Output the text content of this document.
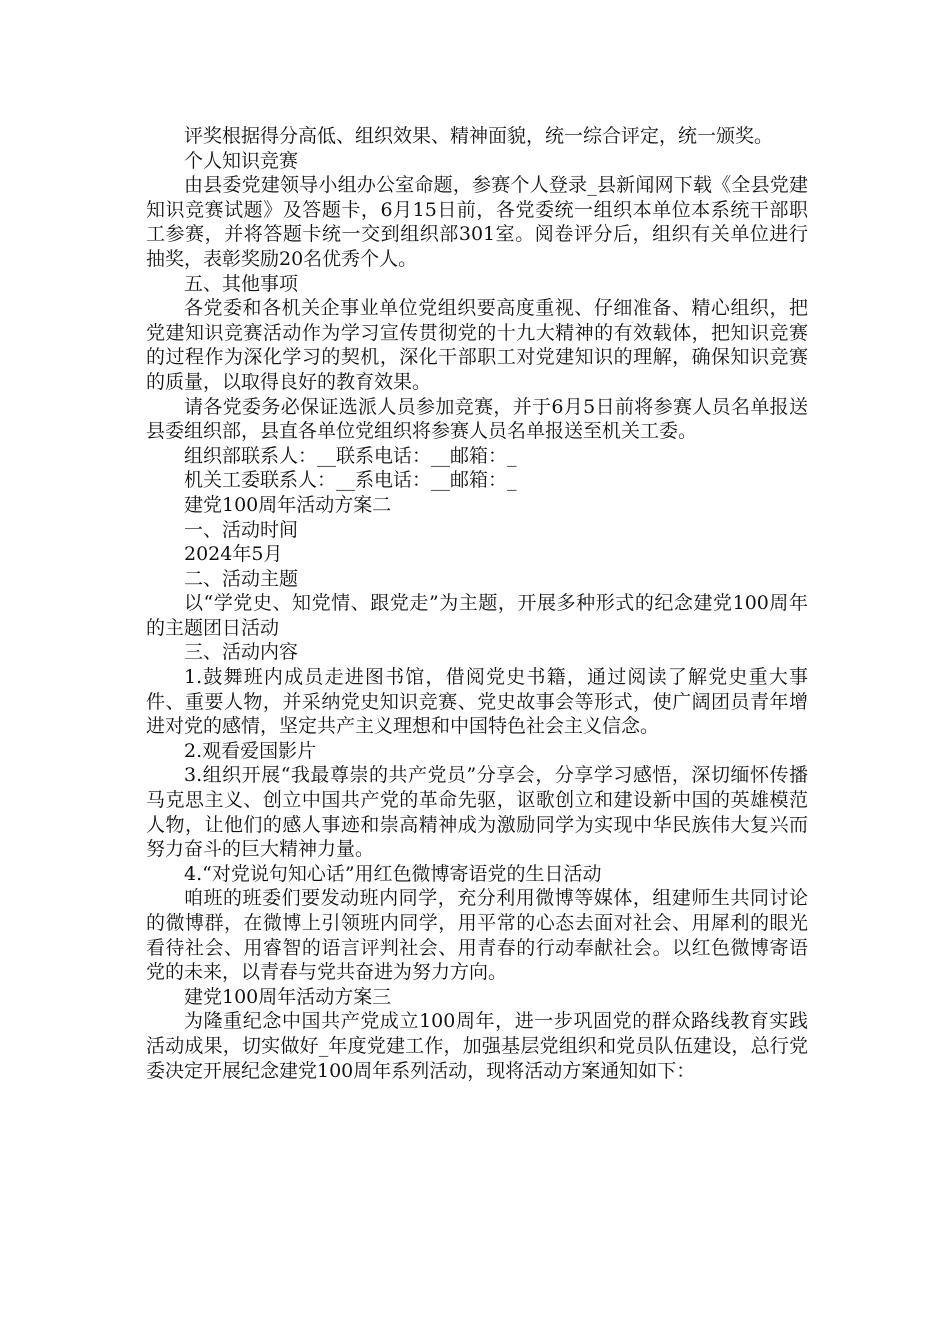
评奖根据得分高低、组织效果、精神面貌，统一综合评定，统一颁奖。

个人知识竞赛

由县委党建领导小组办公室命题，参赛个人登录_县新闻网下载《全县党建知识竞赛试题》及答题卡，6月15日前，各党委统一组织本单位本系统干部职工参赛，并将答题卡统一交到组织部301室。阅卷评分后，组织有关单位进行抽奖，表彰奖励20名优秀个人。

五、其他事项

各党委和各机关企事业单位党组织要高度重视、仔细准备、精心组织，把党建知识竞赛活动作为学习宣传贯彻党的十九大精神的有效载体，把知识竞赛的过程作为深化学习的契机，深化干部职工对党建知识的理解，确保知识竞赛的质量，以取得良好的教育效果。

请各党委务必保证选派人员参加竞赛，并于6月5日前将参赛人员名单报送县委组织部，县直各单位党组织将参赛人员名单报送至机关工委。

组织部联系人：__联系电话：__邮箱：_

机关工委联系人：__系电话：__邮箱：_

建党100周年活动方案二

一、活动时间

2024年5月

二、活动主题

以“学党史、知党情、跟党走”为主题，开展多种形式的纪念建党100周年的主题团日活动

三、活动内容

1.鼓舞班内成员走进图书馆，借阅党史书籍，通过阅读了解党史重大事件、重要人物，并采纳党史知识竞赛、党史故事会等形式，使广阔团员青年增进对党的感情，坚定共产主义理想和中国特色社会主义信念。

2.观看爱国影片

3.组织开展“我最尊崇的共产党员”分享会，分享学习感悟，深切缅怀传播马克思主义、创立中国共产党的革命先驱，讴歌创立和建设新中国的英雄模范人物，让他们的感人事迹和崇高精神成为激励同学为实现中华民族伟大复兴而努力奋斗的巨大精神力量。

4.“对党说句知心话”用红色微博寄语党的生日活动

咱班的班委们要发动班内同学，充分利用微博等媒体，组建师生共同讨论的微博群，在微博上引领班内同学，用平常的心态去面对社会、用犀利的眼光看待社会、用睿智的语言评判社会、用青春的行动奉献社会。以红色微博寄语党的未来，以青春与党共奋进为努力方向。

建党100周年活动方案三

为隆重纪念中国共产党成立100周年，进一步巩固党的群众路线教育实践活动成果，切实做好_年度党建工作，加强基层党组织和党员队伍建设，总行党委决定开展纪念建党100周年系列活动，现将活动方案通知如下：
